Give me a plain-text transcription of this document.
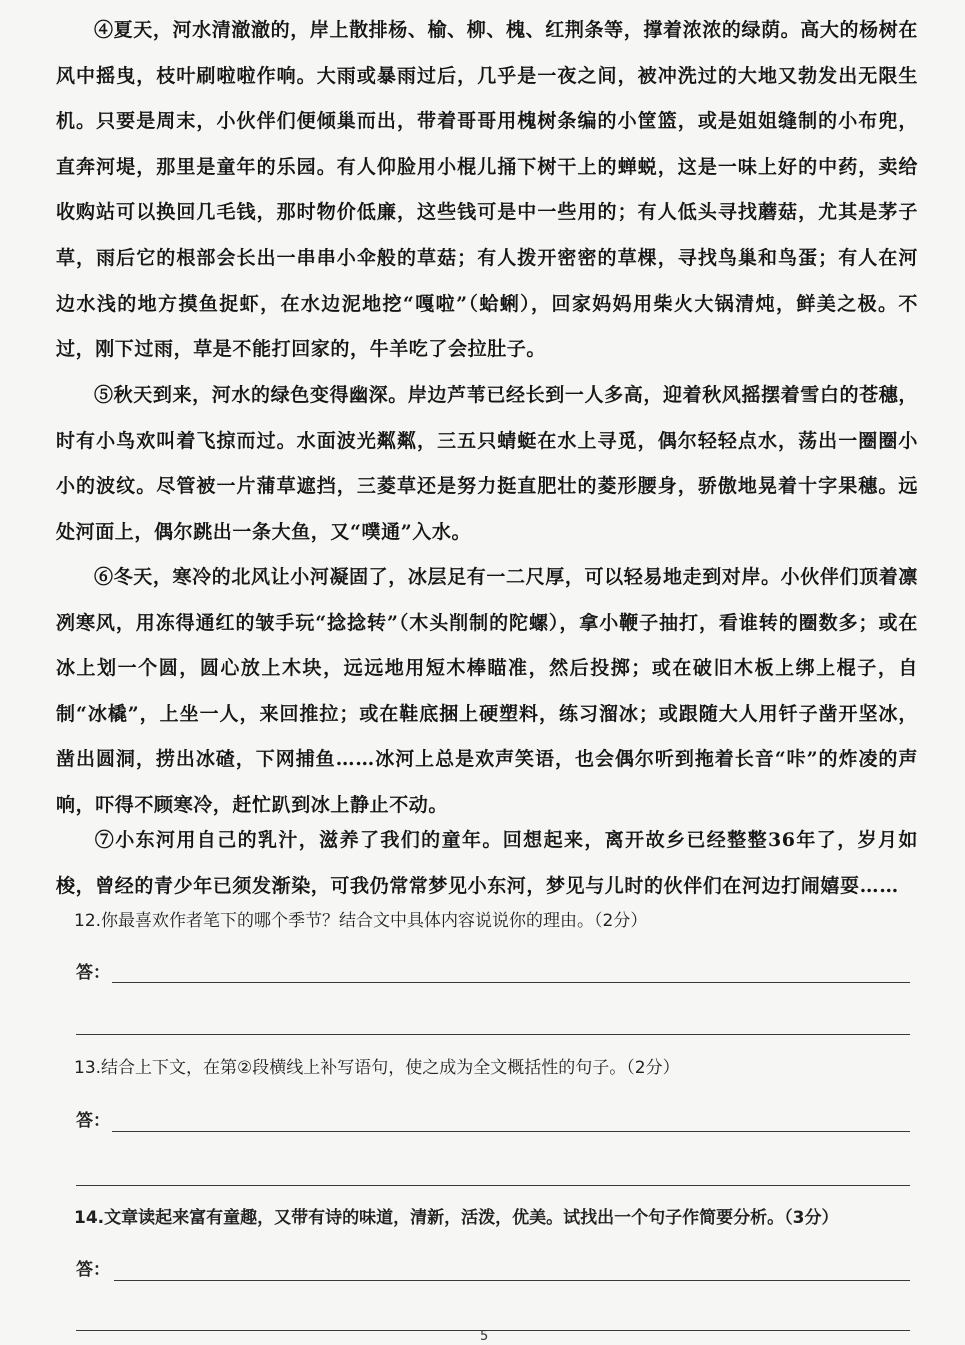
④夏天，河水清澈澈的，岸上散排杨、榆、柳、槐、红荆条等，撑着浓浓的绿荫。高大的杨树在风中摇曳，枝叶刷啦啦作响。大雨或暴雨过后，几乎是一夜之间，被冲洗过的大地又勃发出无限生机。只要是周末，小伙伴们便倾巢而出，带着哥哥用槐树条编的小筐篮，或是姐姐缝制的小布兜，直奔河堤，那里是童年的乐园。有人仰脸用小棍儿捅下树干上的蝉蜕，这是一味上好的中药，卖给收购站可以换回几毛钱，那时物价低廉，这些钱可是中一些用的；有人低头寻找蘑菇，尤其是茅子草，雨后它的根部会长出一串串小伞般的草菇；有人拨开密密的草棵，寻找鸟巢和鸟蛋；有人在河边水浅的地方摸鱼捉虾，在水边泥地挖“嘎啦”（蛤蜊），回家妈妈用柴火大锅清炖，鲜美之极。不过，刚下过雨，草是不能打回家的，牛羊吃了会拉肚子。
⑤秋天到来，河水的绿色变得幽深。岸边芦苇已经长到一人多高，迎着秋风摇摆着雪白的苍穗，时有小鸟欢叫着飞掠而过。水面波光粼粼，三五只蜻蜓在水上寻觅，偶尔轻轻点水，荡出一圈圈小小的波纹。尽管被一片蒲草遮挡，三菱草还是努力挺直肥壮的菱形腰身，骄傲地晃着十字果穗。远处河面上，偶尔跳出一条大鱼，又“噗通”入水。
⑥冬天，寒冷的北风让小河凝固了，冰层足有一二尺厚，可以轻易地走到对岸。小伙伴们顶着凛冽寒风，用冻得通红的皱手玩“捻捻转”（木头削制的陀螺），拿小鞭子抽打，看谁转的圈数多；或在冰上划一个圆，圆心放上木块，远远地用短木棒瞄准，然后投掷；或在破旧木板上绑上棍子，自制“冰橇”，上坐一人，来回推拉；或在鞋底捆上硬塑料，练习溜冰；或跟随大人用钎子凿开坚冰，凿出圆洞，捞出冰碴，下网捕鱼……冰河上总是欢声笑语，也会偶尔听到拖着长音“咔”的炸凌的声响，吓得不顾寒冷，赶忙趴到冰上静止不动。
⑦小东河用自己的乳汁，滋养了我们的童年。回想起来，离开故乡已经整整36年了，岁月如梭，曾经的青少年已须发渐染，可我仍常常梦见小东河，梦见与儿时的伙伴们在河边打闹嬉耍……
12.你最喜欢作者笔下的哪个季节？结合文中具体内容说说你的理由。（2分）
答：
13.结合上下文，在第②段横线上补写语句，使之成为全文概括性的句子。（2分）
答：
14.文章读起来富有童趣，又带有诗的味道，清新，活泼，优美。试找出一个句子作简要分析。（3分）
答：
5
